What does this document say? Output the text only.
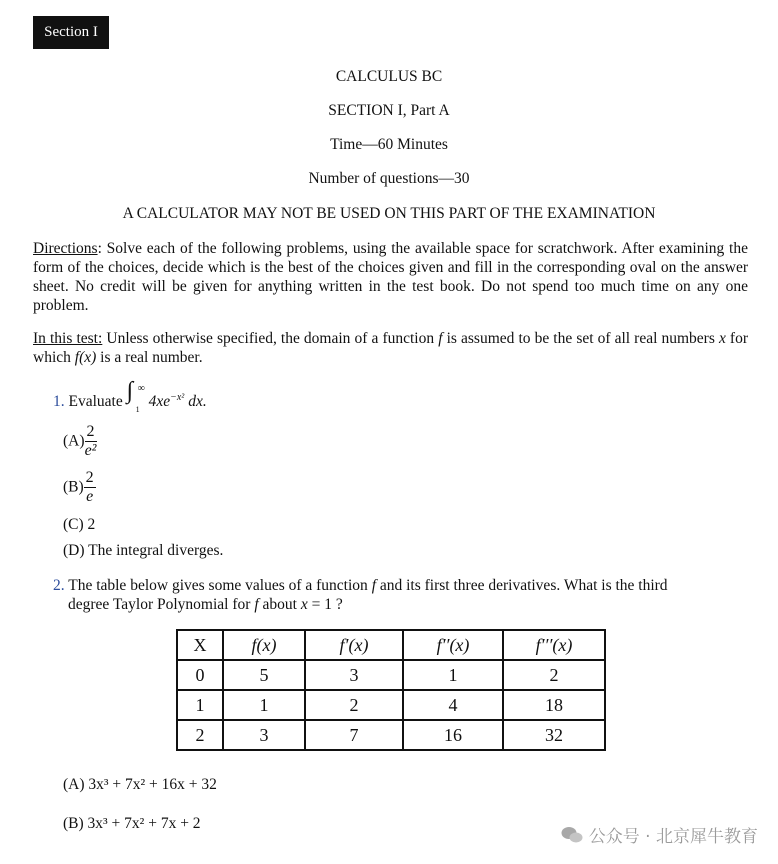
Section I
CALCULUS BC
SECTION I, Part A
Time—60 Minutes
Number of questions—30
A CALCULATOR MAY NOT BE USED ON THIS PART OF THE EXAMINATION
Directions: Solve each of the following problems, using the available space for scratchwork. After examining the form of the choices, decide which is the best of the choices given and fill in the corresponding oval on the answer sheet. No credit will be given for anything written in the test book. Do not spend too much time on any one problem.
In this test: Unless otherwise specified, the domain of a function f is assumed to be the set of all real numbers x for which f(x) is a real number.
1. Evaluate ∫ ∞
1 $4xe^{-x^2}$ dx.
$(A) \frac{2}{\text{e²}}$
$(B) \frac{2}{e}$
(C) 2
(D) The integral diverges.
2. The table below gives some values of a function f and its first three derivatives. What is the third
degree Taylor Polynomial for f about x = 1 ?
X	f(x)	f′(x)	f′′(x)	f′′′(x)
0	5	3	1	2
1	1	2	4	18
2	3	7	16	32
(A) 3x³ + 7x² + 16x + 32
(B) 3x³ + 7x² + 7x + 2
公众号 · 北京犀牛教育
